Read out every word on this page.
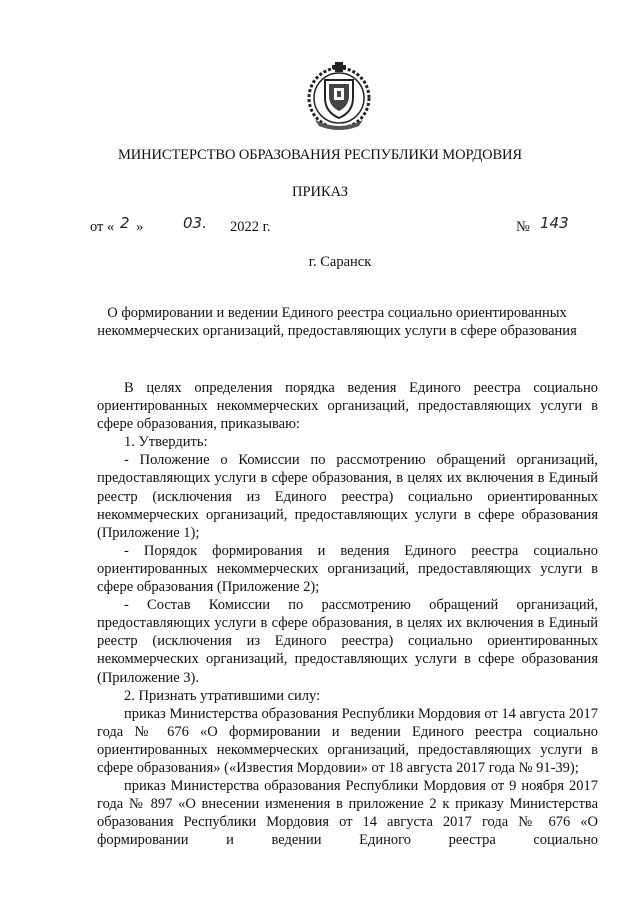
МИНИСТЕРСТВО ОБРАЗОВАНИЯ РЕСПУБЛИКИ МОРДОВИЯ
ПРИКАЗ
от « 2 »	03. 2022 г.	№ 143
г. Саранск
О формировании и ведении Единого реестра социально ориентированных
некоммерческих организаций, предоставляющих услуги в сфере образования

В целях определения порядка ведения Единого реестра социально ориентированных некоммерческих организаций, предоставляющих услуги в сфере образования, приказываю:

1. Утвердить:

- Положение о Комиссии по рассмотрению обращений организаций, предоставляющих услуги в сфере образования, в целях их включения в Единый реестр (исключения из Единого реестра) социально ориентированных некоммерческих организаций, предоставляющих услуги в сфере образования (Приложение 1);

- Порядок формирования и ведения Единого реестра социально ориентированных некоммерческих организаций, предоставляющих услуги в сфере образования (Приложение 2);

- Состав Комиссии по рассмотрению обращений организаций, предоставляющих услуги в сфере образования, в целях их включения в Единый реестр (исключения из Единого реестра) социально ориентированных некоммерческих организаций, предоставляющих услуги в сфере образования (Приложение 3).

2. Признать утратившими силу:

приказ Министерства образования Республики Мордовия от 14 августа 2017 года № 676 «О формировании и ведении Единого реестра социально ориентированных некоммерческих организаций, предоставляющих услуги в сфере образования» («Известия Мордовии» от 18 августа 2017 года № 91-39);

приказ Министерства образования Республики Мордовия от 9 ноября 2017 года № 897 «О внесении изменения в приложение 2 к приказу Министерства образования Республики Мордовия от 14 августа 2017 года № 676 «О формировании и ведении Единого реестра социально
